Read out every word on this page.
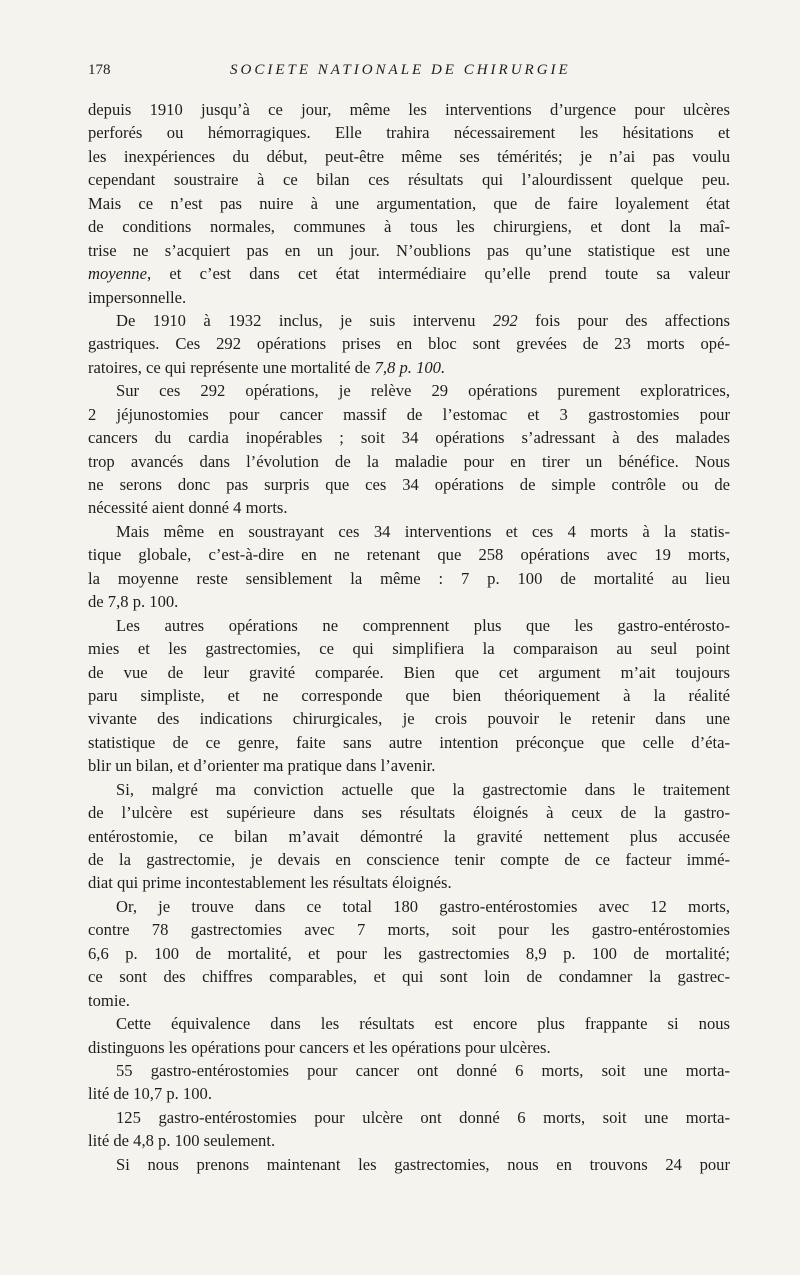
178	SOCIETE NATIONALE DE CHIRURGIE
depuis 1910 jusqu’à ce jour, même les interventions d’urgence pour ulcères
perforés ou hémorragiques. Elle trahira nécessairement les hésitations et
les inexpériences du début, peut-être même ses témérités; je n’ai pas voulu
cependant soustraire à ce bilan ces résultats qui l’alourdissent quelque peu.
Mais ce n’est pas nuire à une argumentation, que de faire loyalement état
de conditions normales, communes à tous les chirurgiens, et dont la maî-
trise ne s’acquiert pas en un jour. N’oublions pas qu’une statistique est une
moyenne, et c’est dans cet état intermédiaire qu’elle prend toute sa valeur
impersonnelle.
De 1910 à 1932 inclus, je suis intervenu 292 fois pour des affections
gastriques. Ces 292 opérations prises en bloc sont grevées de 23 morts opé-
ratoires, ce qui représente une mortalité de 7,8 p. 100.
Sur ces 292 opérations, je relève 29 opérations purement exploratrices,
2 jéjunostomies pour cancer massif de l’estomac et 3 gastrostomies pour
cancers du cardia inopérables ; soit 34 opérations s’adressant à des malades
trop avancés dans l’évolution de la maladie pour en tirer un bénéfice. Nous
ne serons donc pas surpris que ces 34 opérations de simple contrôle ou de
nécessité aient donné 4 morts.
Mais même en soustrayant ces 34 interventions et ces 4 morts à la statis-
tique globale, c’est-à-dire en ne retenant que 258 opérations avec 19 morts,
la moyenne reste sensiblement la même : 7 p. 100 de mortalité au lieu
de 7,8 p. 100.
Les autres opérations ne comprennent plus que les gastro-entérosto-
mies et les gastrectomies, ce qui simplifiera la comparaison au seul point
de vue de leur gravité comparée. Bien que cet argument m’ait toujours
paru simpliste, et ne corresponde que bien théoriquement à la réalité
vivante des indications chirurgicales, je crois pouvoir le retenir dans une
statistique de ce genre, faite sans autre intention préconçue que celle d’éta-
blir un bilan, et d’orienter ma pratique dans l’avenir.
Si, malgré ma conviction actuelle que la gastrectomie dans le traitement
de l’ulcère est supérieure dans ses résultats éloignés à ceux de la gastro-
entérostomie, ce bilan m’avait démontré la gravité nettement plus accusée
de la gastrectomie, je devais en conscience tenir compte de ce facteur immé-
diat qui prime incontestablement les résultats éloignés.
Or, je trouve dans ce total 180 gastro-entérostomies avec 12 morts,
contre 78 gastrectomies avec 7 morts, soit pour les gastro-entérostomies
6,6 p. 100 de mortalité, et pour les gastrectomies 8,9 p. 100 de mortalité;
ce sont des chiffres comparables, et qui sont loin de condamner la gastrec-
tomie.
Cette équivalence dans les résultats est encore plus frappante si nous
distinguons les opérations pour cancers et les opérations pour ulcères.
55 gastro-entérostomies pour cancer ont donné 6 morts, soit une morta-
lité de 10,7 p. 100.
125 gastro-entérostomies pour ulcère ont donné 6 morts, soit une morta-
lité de 4,8 p. 100 seulement.
Si nous prenons maintenant les gastrectomies, nous en trouvons 24 pour
